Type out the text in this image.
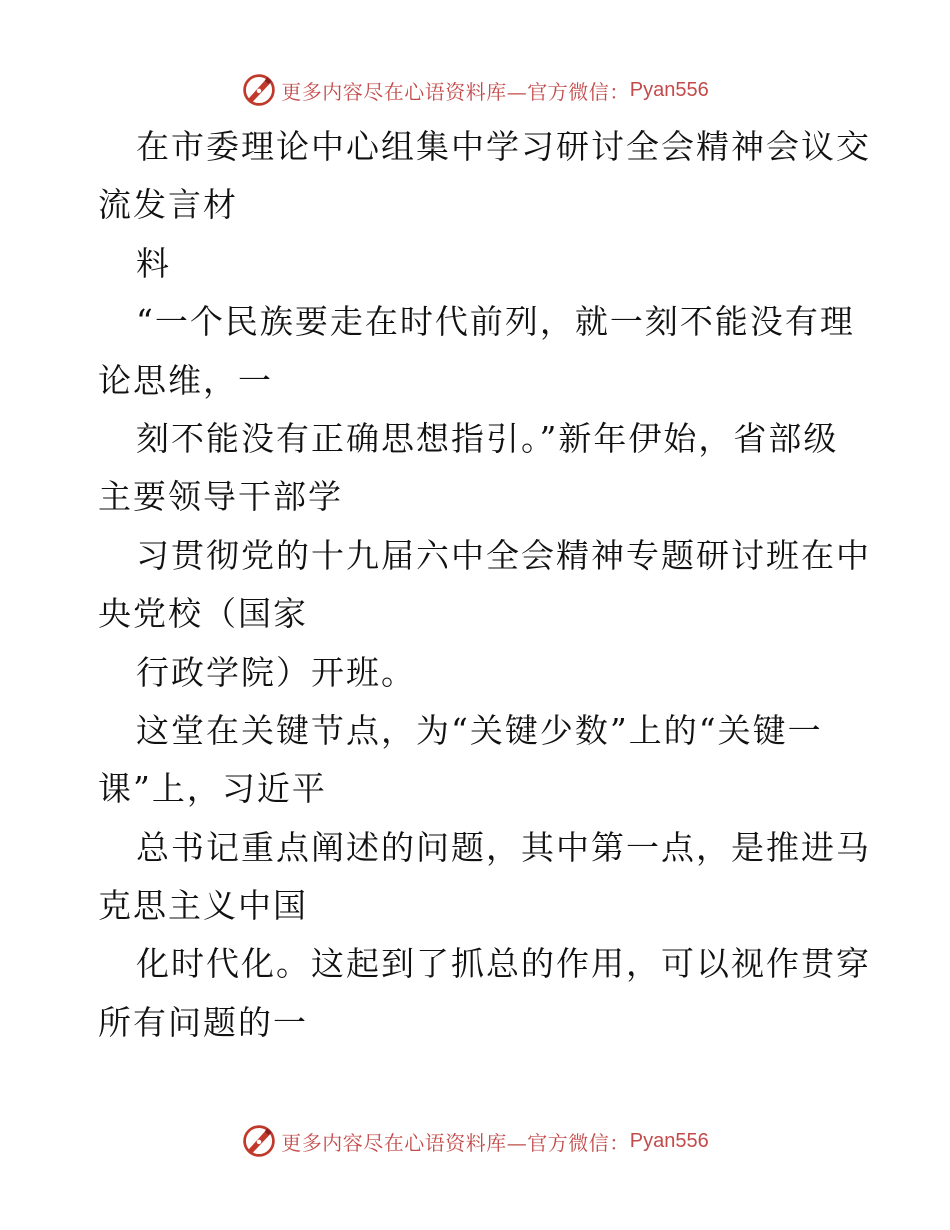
更多内容尽在心语资料库—官方微信： Pyan556
在市委理论中心组集中学习研讨全会精神会议交
流发言材
料
“一个民族要走在时代前列，就一刻不能没有理
论思维，一
刻不能没有正确思想指引。”新年伊始，省部级
主要领导干部学
习贯彻党的十九届六中全会精神专题研讨班在中
央党校（国家
行政学院）开班。
这堂在关键节点，为“关键少数”上的“关键一
课”上，习近平
总书记重点阐述的问题，其中第一点，是推进马
克思主义中国
化时代化。这起到了抓总的作用，可以视作贯穿
所有问题的一
更多内容尽在心语资料库—官方微信： Pyan556
